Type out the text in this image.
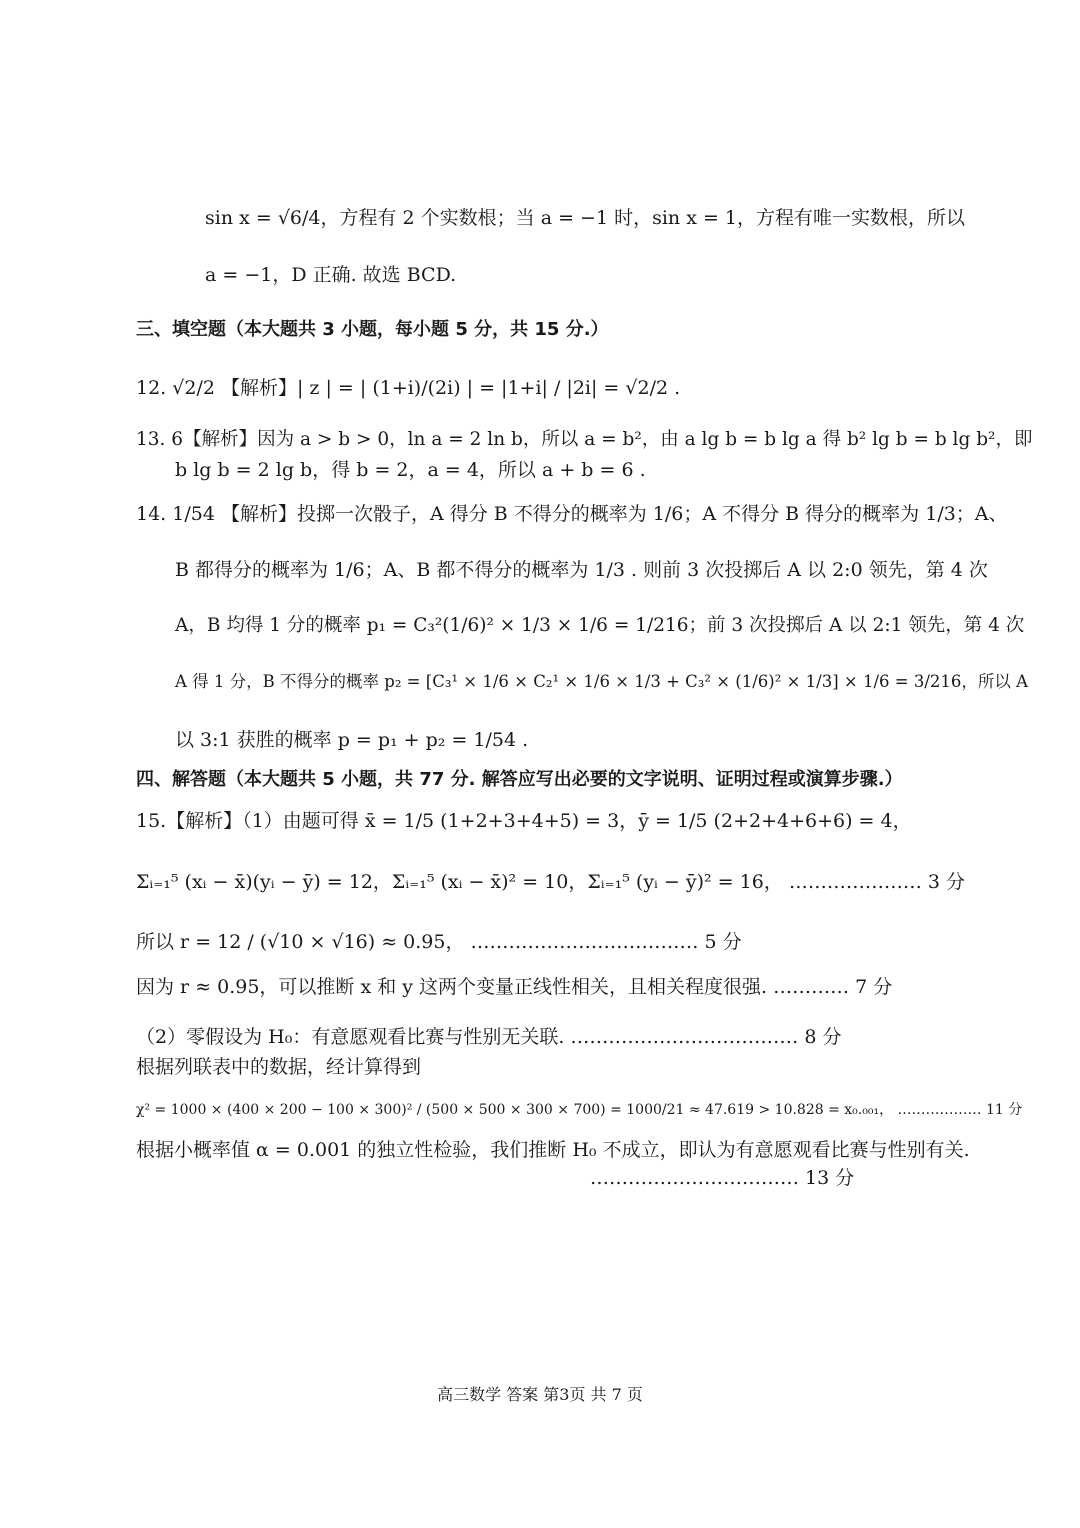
sin x = √6/4，方程有 2 个实数根；当 a = −1 时，sin x = 1，方程有唯一实数根，所以
a = −1，D 正确. 故选 BCD.
三、填空题（本大题共 3 小题，每小题 5 分，共 15 分.）
12. √2/2 【解析】| z | = | (1+i)/(2i) | = |1+i| / |2i| = √2/2 .
13. 6【解析】因为 a > b > 0，ln a = 2 ln b，所以 a = b²，由 a lg b = b lg a 得 b² lg b = b lg b²，即
b lg b = 2 lg b，得 b = 2，a = 4，所以 a + b = 6 .
14. 1/54 【解析】投掷一次骰子，A 得分 B 不得分的概率为 1/6；A 不得分 B 得分的概率为 1/3；A、
B 都得分的概率为 1/6；A、B 都不得分的概率为 1/3 . 则前 3 次投掷后 A 以 2:0 领先，第 4 次
A，B 均得 1 分的概率 p₁ = C₃²(1/6)² × 1/3 × 1/6 = 1/216；前 3 次投掷后 A 以 2:1 领先，第 4 次
A 得 1 分，B 不得分的概率 p₂ = [C₃¹ × 1/6 × C₂¹ × 1/6 × 1/3 + C₃² × (1/6)² × 1/3] × 1/6 = 3/216，所以 A
以 3:1 获胜的概率 p = p₁ + p₂ = 1/54 .
四、解答题（本大题共 5 小题，共 77 分. 解答应写出必要的文字说明、证明过程或演算步骤.）
15.【解析】（1）由题可得 x̄ = 1/5 (1+2+3+4+5) = 3，ȳ = 1/5 (2+2+4+6+6) = 4，
Σᵢ₌₁⁵ (xᵢ − x̄)(yᵢ − ȳ) = 12，Σᵢ₌₁⁵ (xᵢ − x̄)² = 10，Σᵢ₌₁⁵ (yᵢ − ȳ)² = 16， ………………… 3 分
所以 r = 12 / (√10 × √16) ≈ 0.95， ……………………………… 5 分
因为 r ≈ 0.95，可以推断 x 和 y 这两个变量正线性相关，且相关程度很强. ………… 7 分
（2）零假设为 H₀：有意愿观看比赛与性别无关联. ……………………………… 8 分
根据列联表中的数据，经计算得到
χ² = 1000 × (400 × 200 − 100 × 300)² / (500 × 500 × 300 × 700) = 1000/21 ≈ 47.619 > 10.828 = x₀.₀₀₁， ……………… 11 分
根据小概率值 α = 0.001 的独立性检验，我们推断 H₀ 不成立，即认为有意愿观看比赛与性别有关.
…………………………… 13 分
高三数学 答案 第3页 共 7 页
